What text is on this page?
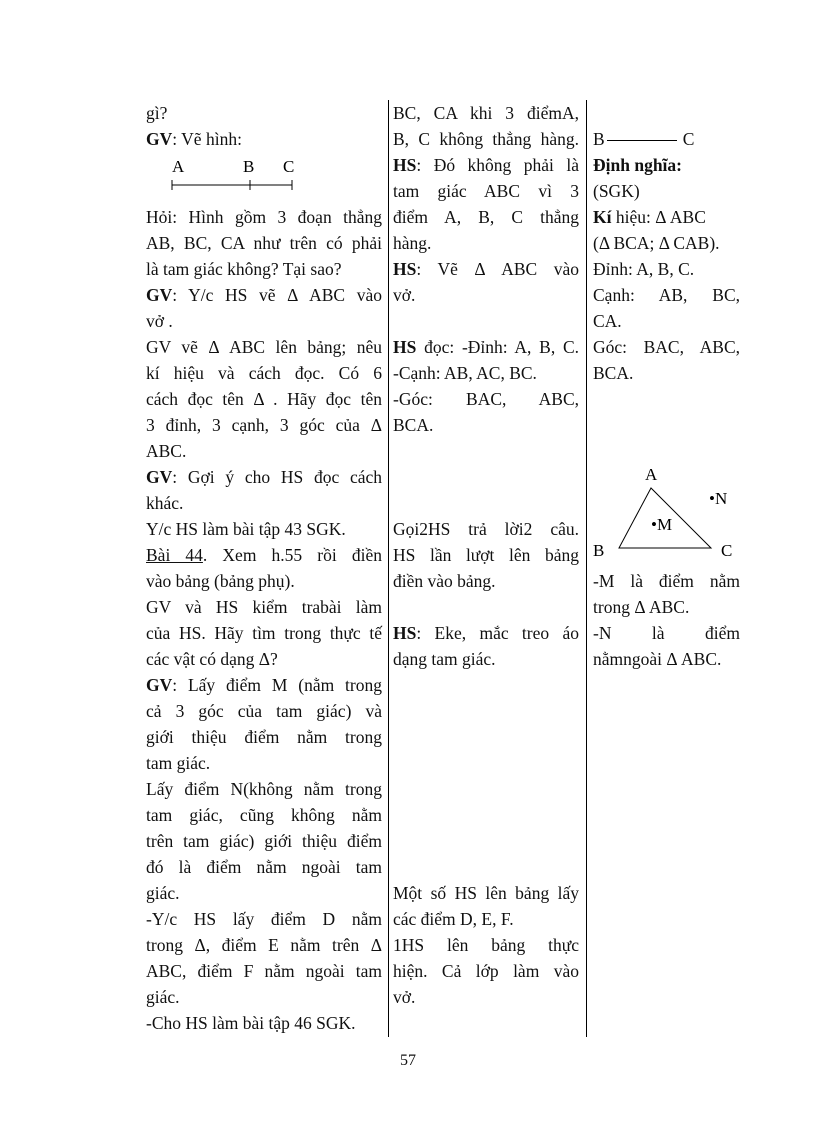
gì?

GV: Vẽ hình:

A	B C

Hỏi: Hình gồm 3 đoạn thẳng

AB, BC, CA như trên có phải

là tam giác không? Tại sao?

GV: Y/c HS vẽ Δ ABC vào

vở .

GV vẽ Δ ABC lên bảng; nêu

kí hiệu và cách đọc. Có 6

cách đọc tên Δ . Hãy đọc tên

3 đỉnh, 3 cạnh, 3 góc của Δ

ABC.

GV: Gợi ý cho HS đọc cách

khác.

Y/c HS làm bài tập 43 SGK.

Bài 44. Xem h.55 rồi điền

vào bảng (bảng phụ).

GV và HS kiểm trabài làm

của HS. Hãy tìm trong thực tế

các vật có dạng Δ?

GV: Lấy điểm M (nằm trong

cả 3 góc của tam giác) và

giới thiệu điểm nằm trong

tam giác.

Lấy điểm N(không nằm trong

tam giác, cũng không nằm

trên tam giác) giới thiệu điểm

đó là điểm nằm ngoài tam

giác.

-Y/c HS lấy điểm D nằm

trong Δ, điểm E nằm trên Δ

ABC, điểm F nằm ngoài tam

giác.

-Cho HS làm bài tập 46 SGK.

BC, CA khi 3 điểmA,

B, C không thẳng hàng.

HS: Đó không phải là

tam giác ABC vì 3

điểm A, B, C thẳng

hàng.

HS: Vẽ Δ ABC vào

vở.

HS đọc: -Đỉnh: A, B, C.

-Cạnh: AB, AC, BC.

-Góc: BAC, ABC,

BCA.

Gọi2HS trả lời2 câu.

HS lần lượt lên bảng

điền vào bảng.

HS: Eke, mắc treo áo

dạng tam giác.

Một số HS lên bảng lấy

các điểm D, E, F.

1HS lên bảng thực

hiện. Cả lớp làm vào

vở.

B	C

Định nghĩa:

(SGK)

Kí hiệu: Δ ABC

(Δ BCA; Δ CAB).

Đỉnh: A, B, C.

Cạnh: AB, BC,

CA.

Góc: BAC, ABC,

BCA.

A
B	C
•M
•N

-M là điểm nằm

trong Δ ABC.

-N là điểm

nằmngoài Δ ABC.

57
